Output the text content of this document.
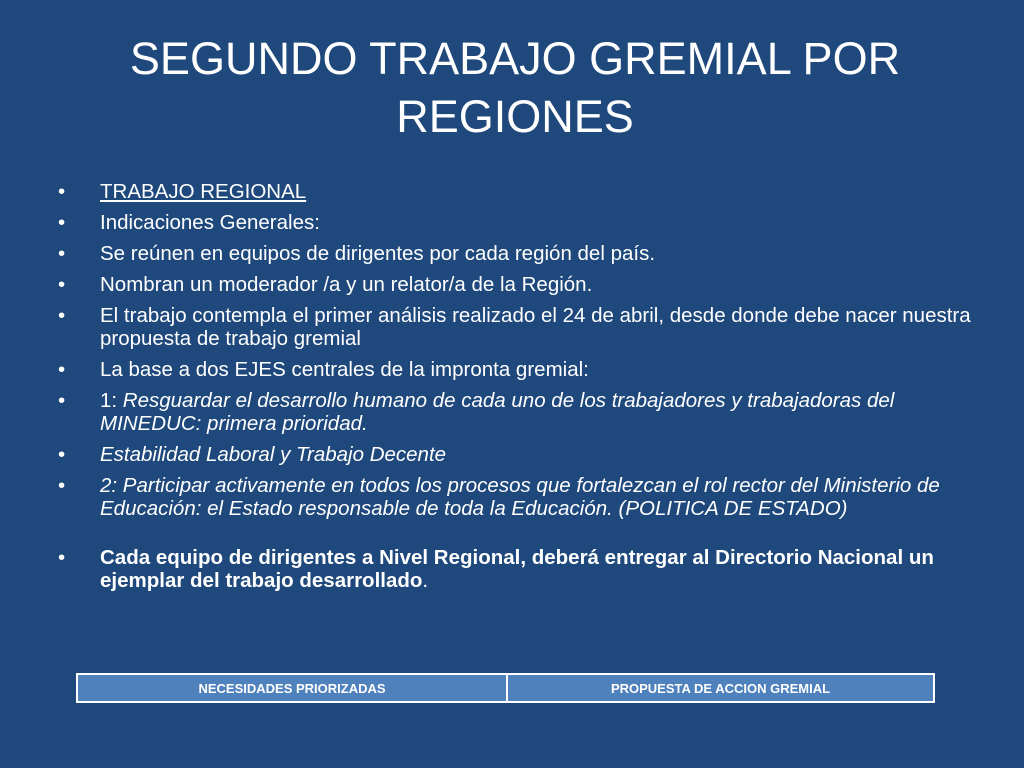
SEGUNDO TRABAJO GREMIAL POR REGIONES
•	TRABAJO REGIONAL
•	Indicaciones Generales:
•	Se reúnen en equipos de dirigentes por cada región del país.
•	Nombran un moderador /a y un relator/a de la Región.
•	El trabajo contempla el primer análisis realizado el 24 de abril, desde donde debe nacer nuestra propuesta de trabajo gremial
•	La base a dos EJES centrales de la impronta gremial:
•	1: Resguardar el desarrollo humano de cada uno de los trabajadores y trabajadoras del MINEDUC: primera prioridad.
•	Estabilidad Laboral y Trabajo Decente
•	2: Participar activamente en todos los procesos que fortalezcan el rol rector del Ministerio de Educación: el Estado responsable de toda la Educación. (POLITICA DE ESTADO)
•	Cada equipo de dirigentes a Nivel Regional, deberá entregar al Directorio Nacional un ejemplar del trabajo desarrollado.
NECESIDADES PRIORIZADAS	PROPUESTA DE ACCION GREMIAL
